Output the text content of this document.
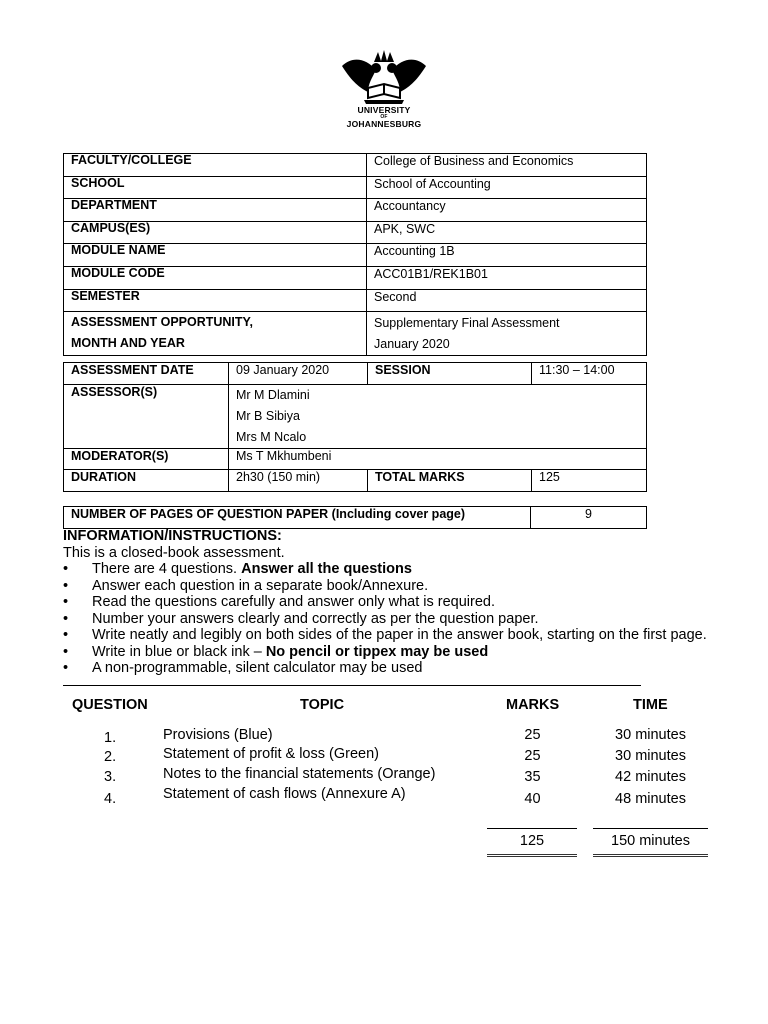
UNIVERSITY
OF
JOHANNESBURG
FACULTY/COLLEGE	College of Business and Economics
SCHOOL	School of Accounting
DEPARTMENT	Accountancy
CAMPUS(ES)	APK, SWC
MODULE NAME	Accounting 1B
MODULE CODE	ACC01B1/REK1B01
SEMESTER	Second

ASSESSMENT OPPORTUNITY,
MONTH AND YEAR	Supplementary Final Assessment
January 2020
ASSESSMENT DATE	09 January 2020	SESSION	11:30 – 14:00
ASSESSOR(S)	Mr M Dlamini
Mr B Sibiya
Mrs M Ncalo		

MODERATOR(S)	Ms T Mkhumbeni		
DURATION	2h30 (150 min)	TOTAL MARKS	125
NUMBER OF PAGES OF QUESTION PAPER (Including cover page)	9
INFORMATION/INSTRUCTIONS:
This is a closed-book assessment.
• There are 4 questions. Answer all the questions
• Answer each question in a separate book/Annexure.
• Read the questions carefully and answer only what is required.
• Number your answers clearly and correctly as per the question paper.
• Write neatly and legibly on both sides of the paper in the answer book, starting on the first page.
• Write in blue or black ink – No pencil or tippex may be used
• A non-programmable, silent calculator may be used
QUESTION	TOPIC	MARKS	TIME
1.	Provisions (Blue)	25	30 minutes
2.	Statement of profit & loss (Green)	25	30 minutes
3.	Notes to the financial statements (Orange)	35	42 minutes
4.	Statement of cash flows (Annexure A)	40	48 minutes
125	150 minutes
